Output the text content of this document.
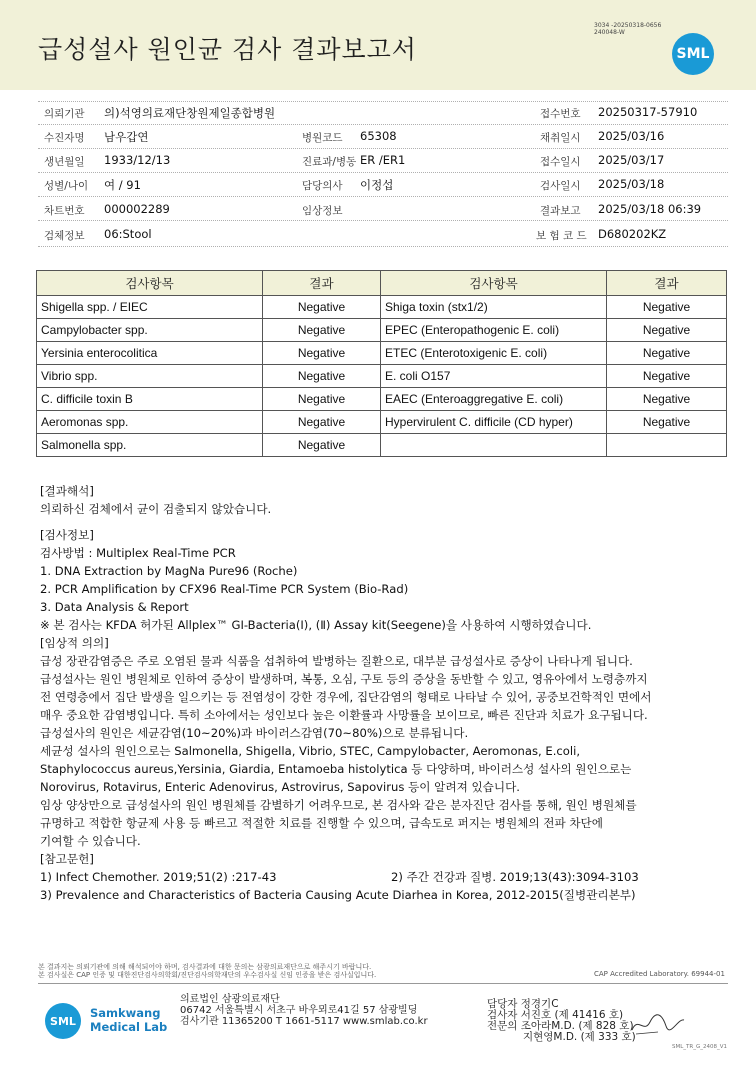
급성설사 원인균 검사 결과보고서
3034 -20250318-0656
240048-W
SML
의뢰기관 의)석영의료재단창원제일종합병원	접수번호 20250317-57910
수진자명 남우갑연	병원코드 65308	채취일시 2025/03/16
생년월일 1933/12/13	진료과/병동 ER /ER1	접수일시 2025/03/17
성별/나이 여 / 91	담당의사 이정섭	검사일시 2025/03/18
차트번호 000002289	임상정보	결과보고 2025/03/18 06:39
검체정보 06:Stool	보 험 코 드 D680202KZ
검사항목	결과	검사항목	결과
Shigella spp. / EIEC	Negative	Shiga toxin (stx1/2)	Negative
Campylobacter spp.	Negative	EPEC (Enteropathogenic E. coli)	Negative
Yersinia enterocolitica	Negative	ETEC (Enterotoxigenic E. coli)	Negative
Vibrio spp.	Negative	E. coli O157	Negative
C. difficile toxin B	Negative	EAEC (Enteroaggregative E. coli)	Negative
Aeromonas spp.	Negative	Hypervirulent C. difficile (CD hyper)	Negative
Salmonella spp.	Negative		
[결과해석]
의뢰하신 검체에서 균이 검출되지 않았습니다.
[검사정보]
검사방법 : Multiplex Real-Time PCR
1. DNA Extraction by MagNa Pure96 (Roche)
2. PCR Amplification by CFX96 Real-Time PCR System (Bio-Rad)
3. Data Analysis & Report
※ 본 검사는 KFDA 허가된 Allplex™ GI-Bacteria(Ⅰ), (Ⅱ) Assay kit(Seegene)을 사용하여 시행하였습니다.
[임상적 의의]
급성 장관감염증은 주로 오염된 물과 식품을 섭취하여 발병하는 질환으로, 대부분 급성설사로 증상이 나타나게 됩니다.
급성설사는 원인 병원체로 인하여 증상이 발생하며, 복통, 오심, 구토 등의 증상을 동반할 수 있고, 영유아에서 노령층까지
전 연령층에서 집단 발생을 일으키는 등 전염성이 강한 경우에, 집단감염의 형태로 나타날 수 있어, 공중보건학적인 면에서
매우 중요한 감염병입니다. 특히 소아에서는 성인보다 높은 이환률과 사망률을 보이므로, 빠른 진단과 치료가 요구됩니다.
급성설사의 원인은 세균감염(10~20%)과 바이러스감염(70~80%)으로 분류됩니다.
세균성 설사의 원인으로는 Salmonella, Shigella, Vibrio, STEC, Campylobacter, Aeromonas, E.coli,
Staphylococcus aureus,Yersinia, Giardia, Entamoeba histolytica 등 다양하며, 바이러스성 설사의 원인으로는
Norovirus, Rotavirus, Enteric Adenovirus, Astrovirus, Sapovirus 등이 알려져 있습니다.
임상 양상만으로 급성설사의 원인 병원체를 감별하기 어려우므로, 본 검사와 같은 분자진단 검사를 통해, 원인 병원체를
규명하고 적합한 항균제 사용 등 빠르고 적절한 치료를 진행할 수 있으며, 급속도로 퍼지는 병원체의 전파 차단에
기여할 수 있습니다.
[참고문헌]
1) Infect Chemother. 2019;51(2) :217-43	2) 주간 건강과 질병. 2019;13(43):3094-3103
3) Prevalence and Characteristics of Bacteria Causing Acute Diarhea in Korea, 2012-2015(질병관리본부)
본 결과지는 의뢰기관에 의해 해석되어야 하며, 검사결과에 대한 문의는 삼광의료재단으로 해주시기 바랍니다.
본 검사실은 CAP 인증 및 대한진단검사의학회/진단검사의학재단의 우수검사실 신임 인증을 받은 검사실입니다.	CAP Accredited Laboratory. 69944-01
SML
Samkwang
Medical Lab
의료법인 삼광의료재단
06742 서울특별시 서초구 바우뫼로41길 57 삼광빌딩
검사기관 11365200 T 1661-5117 www.smlab.co.kr
담당자 정경기C
검사자 서진호 (제 41416 호)
전문의 조아라M.D. (제 828 호)
지현영M.D. (제 333 호)
SML_TR_G_2408_V1
